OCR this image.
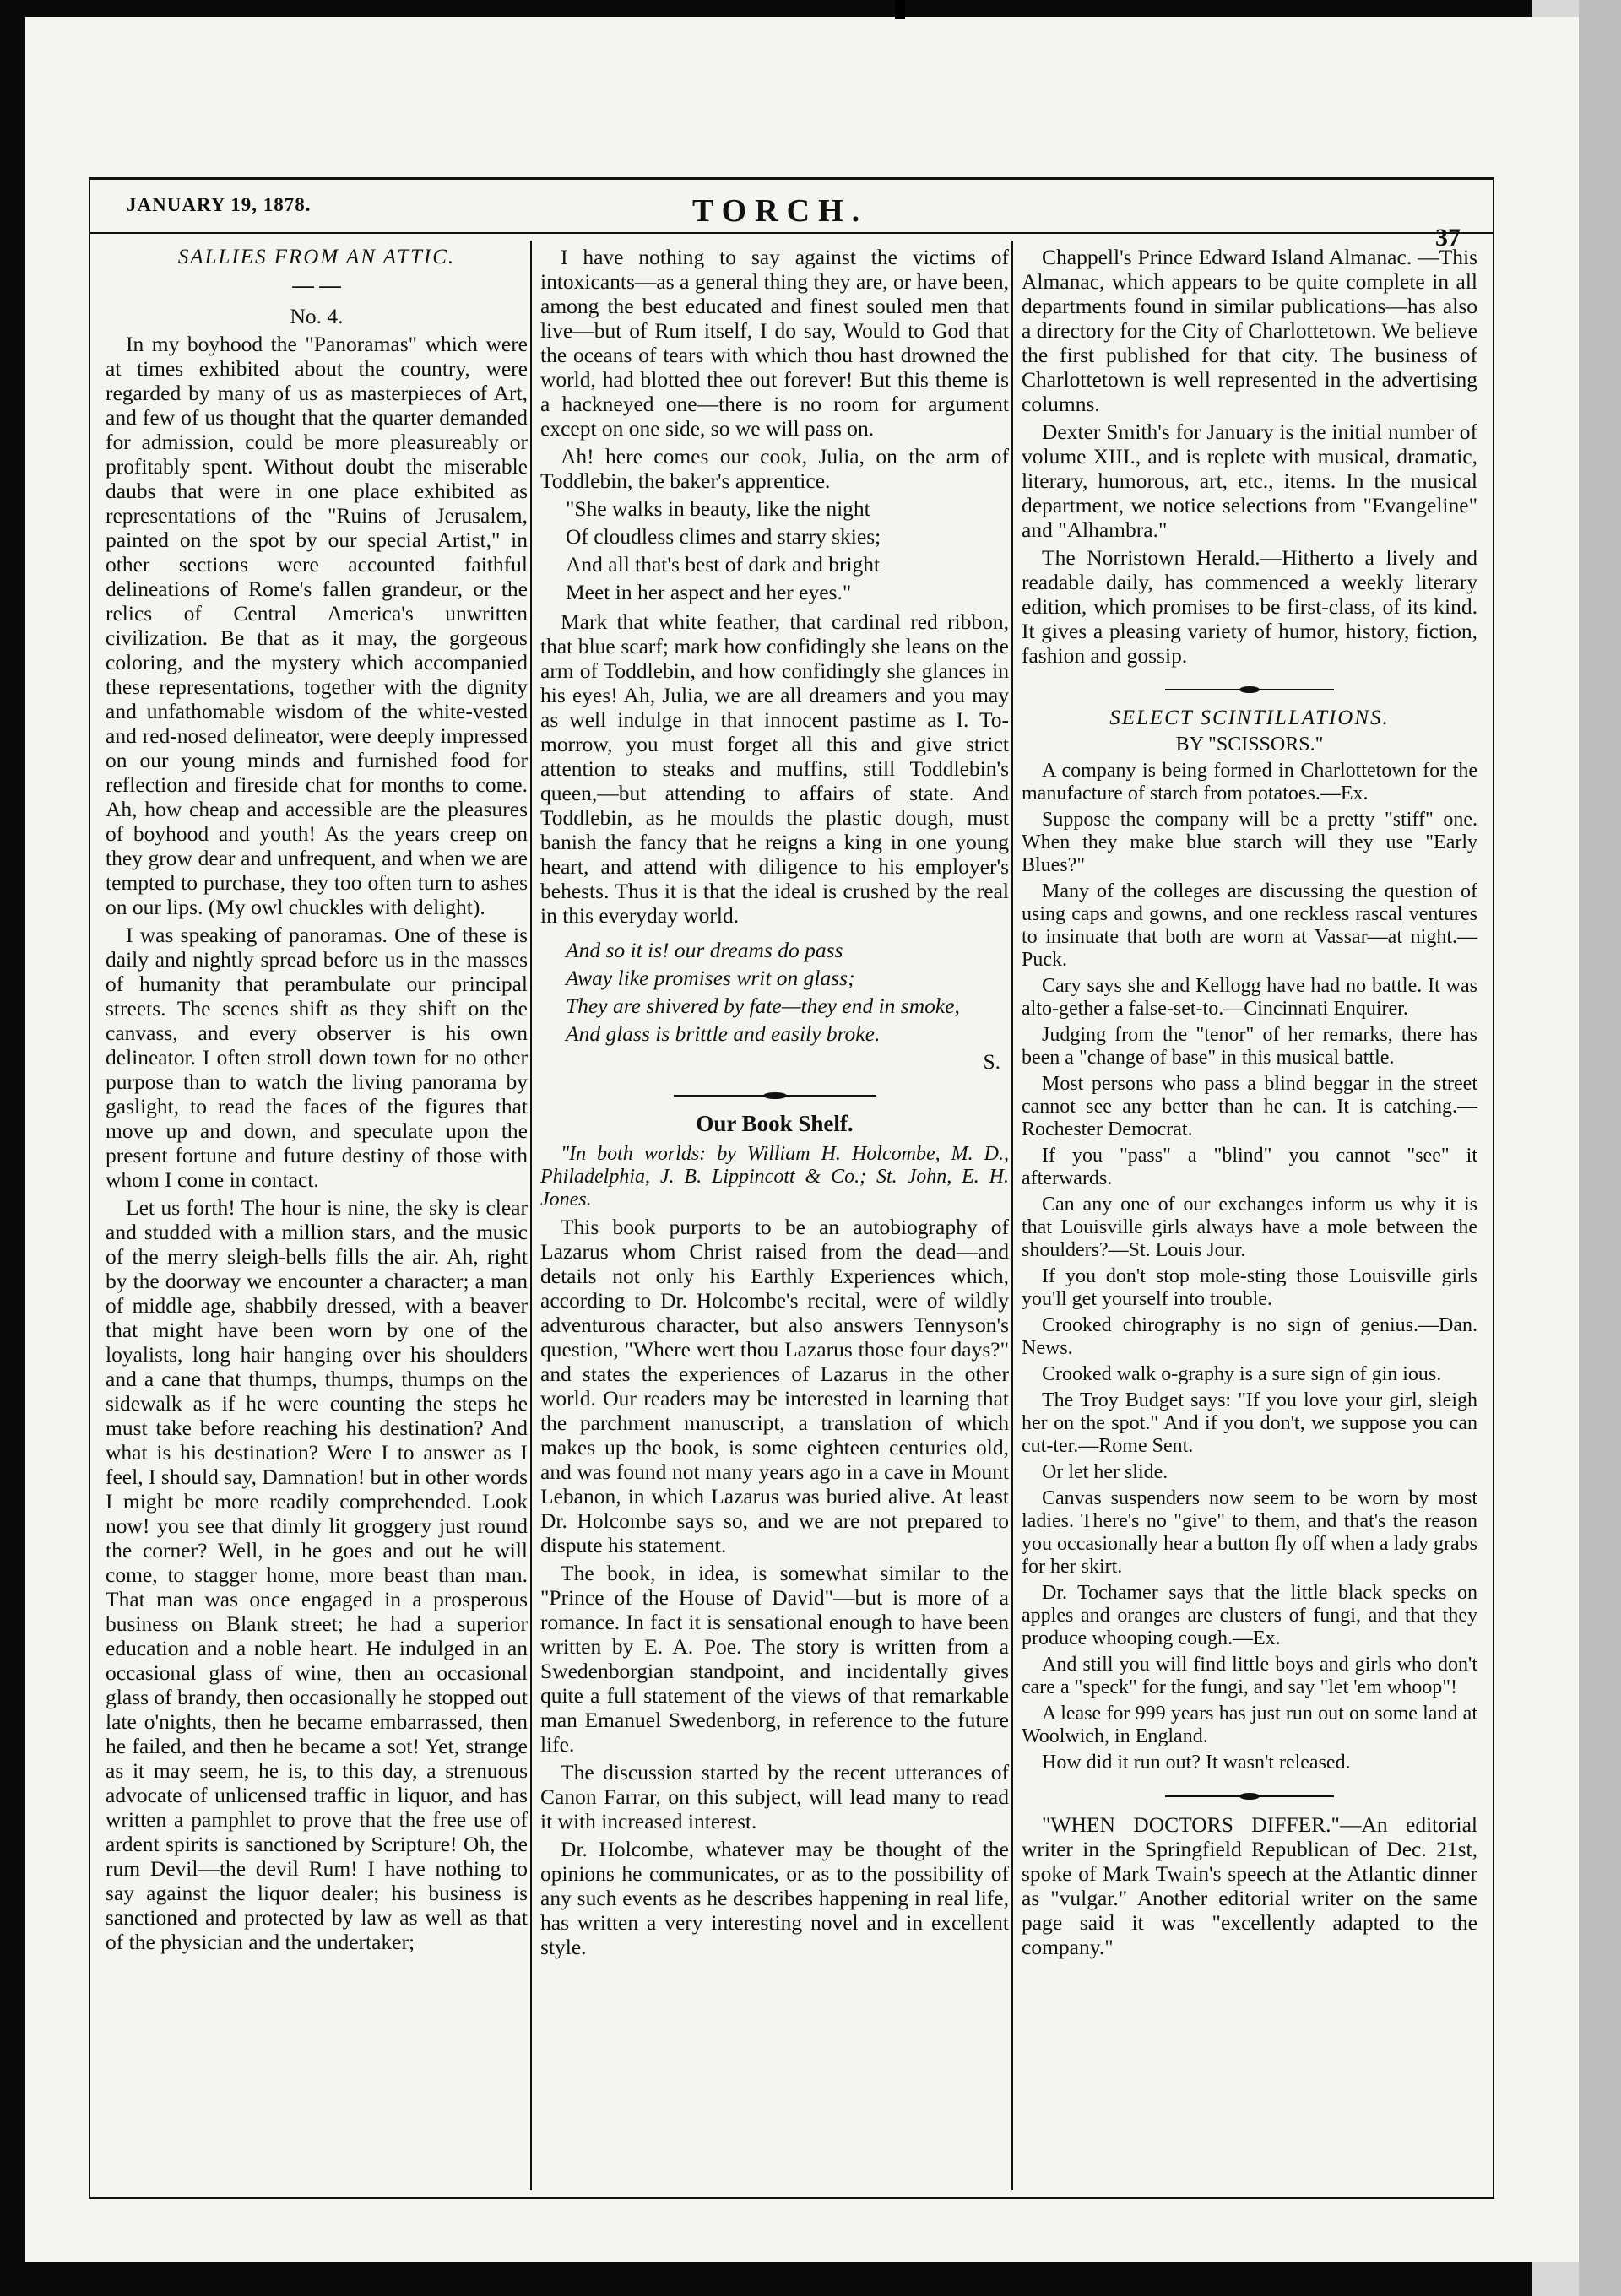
JANUARY 19, 1878.	TORCH.
37
SALLIES FROM AN ATTIC.
— —
No. 4.

In my boyhood the "Panoramas" which were at times exhibited about the country, were regarded by many of us as masterpieces of Art, and few of us thought that the quarter demanded for admission, could be more pleasureably or profitably spent. Without doubt the miserable daubs that were in one place exhibited as representations of the "Ruins of Jerusalem, painted on the spot by our special Artist," in other sections were accounted faithful delineations of Rome's fallen grandeur, or the relics of Central America's unwritten civilization. Be that as it may, the gorgeous coloring, and the mystery which accompanied these representations, together with the dignity and unfathomable wisdom of the white-vested and red-nosed delineator, were deeply impressed on our young minds and furnished food for reflection and fireside chat for months to come. Ah, how cheap and accessible are the pleasures of boyhood and youth! As the years creep on they grow dear and unfrequent, and when we are tempted to purchase, they too often turn to ashes on our lips. (My owl chuckles with delight).

I was speaking of panoramas. One of these is daily and nightly spread before us in the masses of humanity that perambulate our principal streets. The scenes shift as they shift on the canvass, and every observer is his own delineator. I often stroll down town for no other purpose than to watch the living panorama by gaslight, to read the faces of the figures that move up and down, and speculate upon the present fortune and future destiny of those with whom I come in contact.

Let us forth! The hour is nine, the sky is clear and studded with a million stars, and the music of the merry sleigh-bells fills the air. Ah, right by the doorway we encounter a character; a man of middle age, shabbily dressed, with a beaver that might have been worn by one of the loyalists, long hair hanging over his shoulders and a cane that thumps, thumps, thumps on the sidewalk as if he were counting the steps he must take before reaching his destination? And what is his destination? Were I to answer as I feel, I should say, Damnation! but in other words I might be more readily comprehended. Look now! you see that dimly lit groggery just round the corner? Well, in he goes and out he will come, to stagger home, more beast than man. That man was once engaged in a prosperous business on Blank street; he had a superior education and a noble heart. He indulged in an occasional glass of wine, then an occasional glass of brandy, then occasionally he stopped out late o'nights, then he became embarrassed, then he failed, and then he became a sot! Yet, strange as it may seem, he is, to this day, a strenuous advocate of unlicensed traffic in liquor, and has written a pamphlet to prove that the free use of ardent spirits is sanctioned by Scripture! Oh, the rum Devil—the devil Rum! I have nothing to say against the liquor dealer; his business is sanctioned and protected by law as well as that of the physician and the undertaker;

I have nothing to say against the victims of intoxicants—as a general thing they are, or have been, among the best educated and finest souled men that live—but of Rum itself, I do say, Would to God that the oceans of tears with which thou hast drowned the world, had blotted thee out forever! But this theme is a hackneyed one—there is no room for argument except on one side, so we will pass on.

Ah! here comes our cook, Julia, on the arm of Toddlebin, the baker's apprentice.

"She walks in beauty, like the night

Of cloudless climes and starry skies;

And all that's best of dark and bright

Meet in her aspect and her eyes."

Mark that white feather, that cardinal red ribbon, that blue scarf; mark how confidingly she leans on the arm of Toddlebin, and how confidingly she glances in his eyes! Ah, Julia, we are all dreamers and you may as well indulge in that innocent pastime as I. To-morrow, you must forget all this and give strict attention to steaks and muffins, still Toddlebin's queen,—but attending to affairs of state. And Toddlebin, as he moulds the plastic dough, must banish the fancy that he reigns a king in one young heart, and attend with diligence to his employer's behests. Thus it is that the ideal is crushed by the real in this everyday world.

And so it is! our dreams do pass

Away like promises writ on glass;

They are shivered by fate—they end in smoke,

And glass is brittle and easily broke.

S.
Our Book Shelf.

"In both worlds: by William H. Holcombe, M. D., Philadelphia, J. B. Lippincott & Co.; St. John, E. H. Jones.

This book purports to be an autobiography of Lazarus whom Christ raised from the dead—and details not only his Earthly Experiences which, according to Dr. Holcombe's recital, were of wildly adventurous character, but also answers Tennyson's question, "Where wert thou Lazarus those four days?" and states the experiences of Lazarus in the other world. Our readers may be interested in learning that the parchment manuscript, a translation of which makes up the book, is some eighteen centuries old, and was found not many years ago in a cave in Mount Lebanon, in which Lazarus was buried alive. At least Dr. Holcombe says so, and we are not prepared to dispute his statement.

The book, in idea, is somewhat similar to the "Prince of the House of David"—but is more of a romance. In fact it is sensational enough to have been written by E. A. Poe. The story is written from a Swedenborgian standpoint, and incidentally gives quite a full statement of the views of that remarkable man Emanuel Swedenborg, in reference to the future life.

The discussion started by the recent utterances of Canon Farrar, on this subject, will lead many to read it with increased interest.

Dr. Holcombe, whatever may be thought of the opinions he communicates, or as to the possibility of any such events as he describes happening in real life, has written a very interesting novel and in excellent style.

Chappell's Prince Edward Island Almanac. —This Almanac, which appears to be quite complete in all departments found in similar publications—has also a directory for the City of Charlottetown. We believe the first published for that city. The business of Charlottetown is well represented in the advertising columns.

Dexter Smith's for January is the initial number of volume XIII., and is replete with musical, dramatic, literary, humorous, art, etc., items. In the musical department, we notice selections from "Evangeline" and "Alhambra."

The Norristown Herald.—Hitherto a lively and readable daily, has commenced a weekly literary edition, which promises to be first-class, of its kind. It gives a pleasing variety of humor, history, fiction, fashion and gossip.

SELECT SCINTILLATIONS.
BY "SCISSORS."

A company is being formed in Charlottetown for the manufacture of starch from potatoes.—Ex.

Suppose the company will be a pretty "stiff" one. When they make blue starch will they use "Early Blues?"

Many of the colleges are discussing the question of using caps and gowns, and one reckless rascal ventures to insinuate that both are worn at Vassar—at night.—Puck.

Cary says she and Kellogg have had no battle. It was alto-gether a false-set-to.—Cincinnati Enquirer.

Judging from the "tenor" of her remarks, there has been a "change of base" in this musical battle.

Most persons who pass a blind beggar in the street cannot see any better than he can. It is catching.—Rochester Democrat.

If you "pass" a "blind" you cannot "see" it afterwards.

Can any one of our exchanges inform us why it is that Louisville girls always have a mole between the shoulders?—St. Louis Jour.

If you don't stop mole-sting those Louisville girls you'll get yourself into trouble.

Crooked chirography is no sign of genius.—Dan. News.

Crooked walk o-graphy is a sure sign of gin ious.

The Troy Budget says: "If you love your girl, sleigh her on the spot." And if you don't, we suppose you can cut-ter.—Rome Sent.

Or let her slide.

Canvas suspenders now seem to be worn by most ladies. There's no "give" to them, and that's the reason you occasionally hear a button fly off when a lady grabs for her skirt.

Dr. Tochamer says that the little black specks on apples and oranges are clusters of fungi, and that they produce whooping cough.—Ex.

And still you will find little boys and girls who don't care a "speck" for the fungi, and say "let 'em whoop"!

A lease for 999 years has just run out on some land at Woolwich, in England.

How did it run out? It wasn't released.

"WHEN DOCTORS DIFFER."—An editorial writer in the Springfield Republican of Dec. 21st, spoke of Mark Twain's speech at the Atlantic dinner as "vulgar." Another editorial writer on the same page said it was "excellently adapted to the company."
